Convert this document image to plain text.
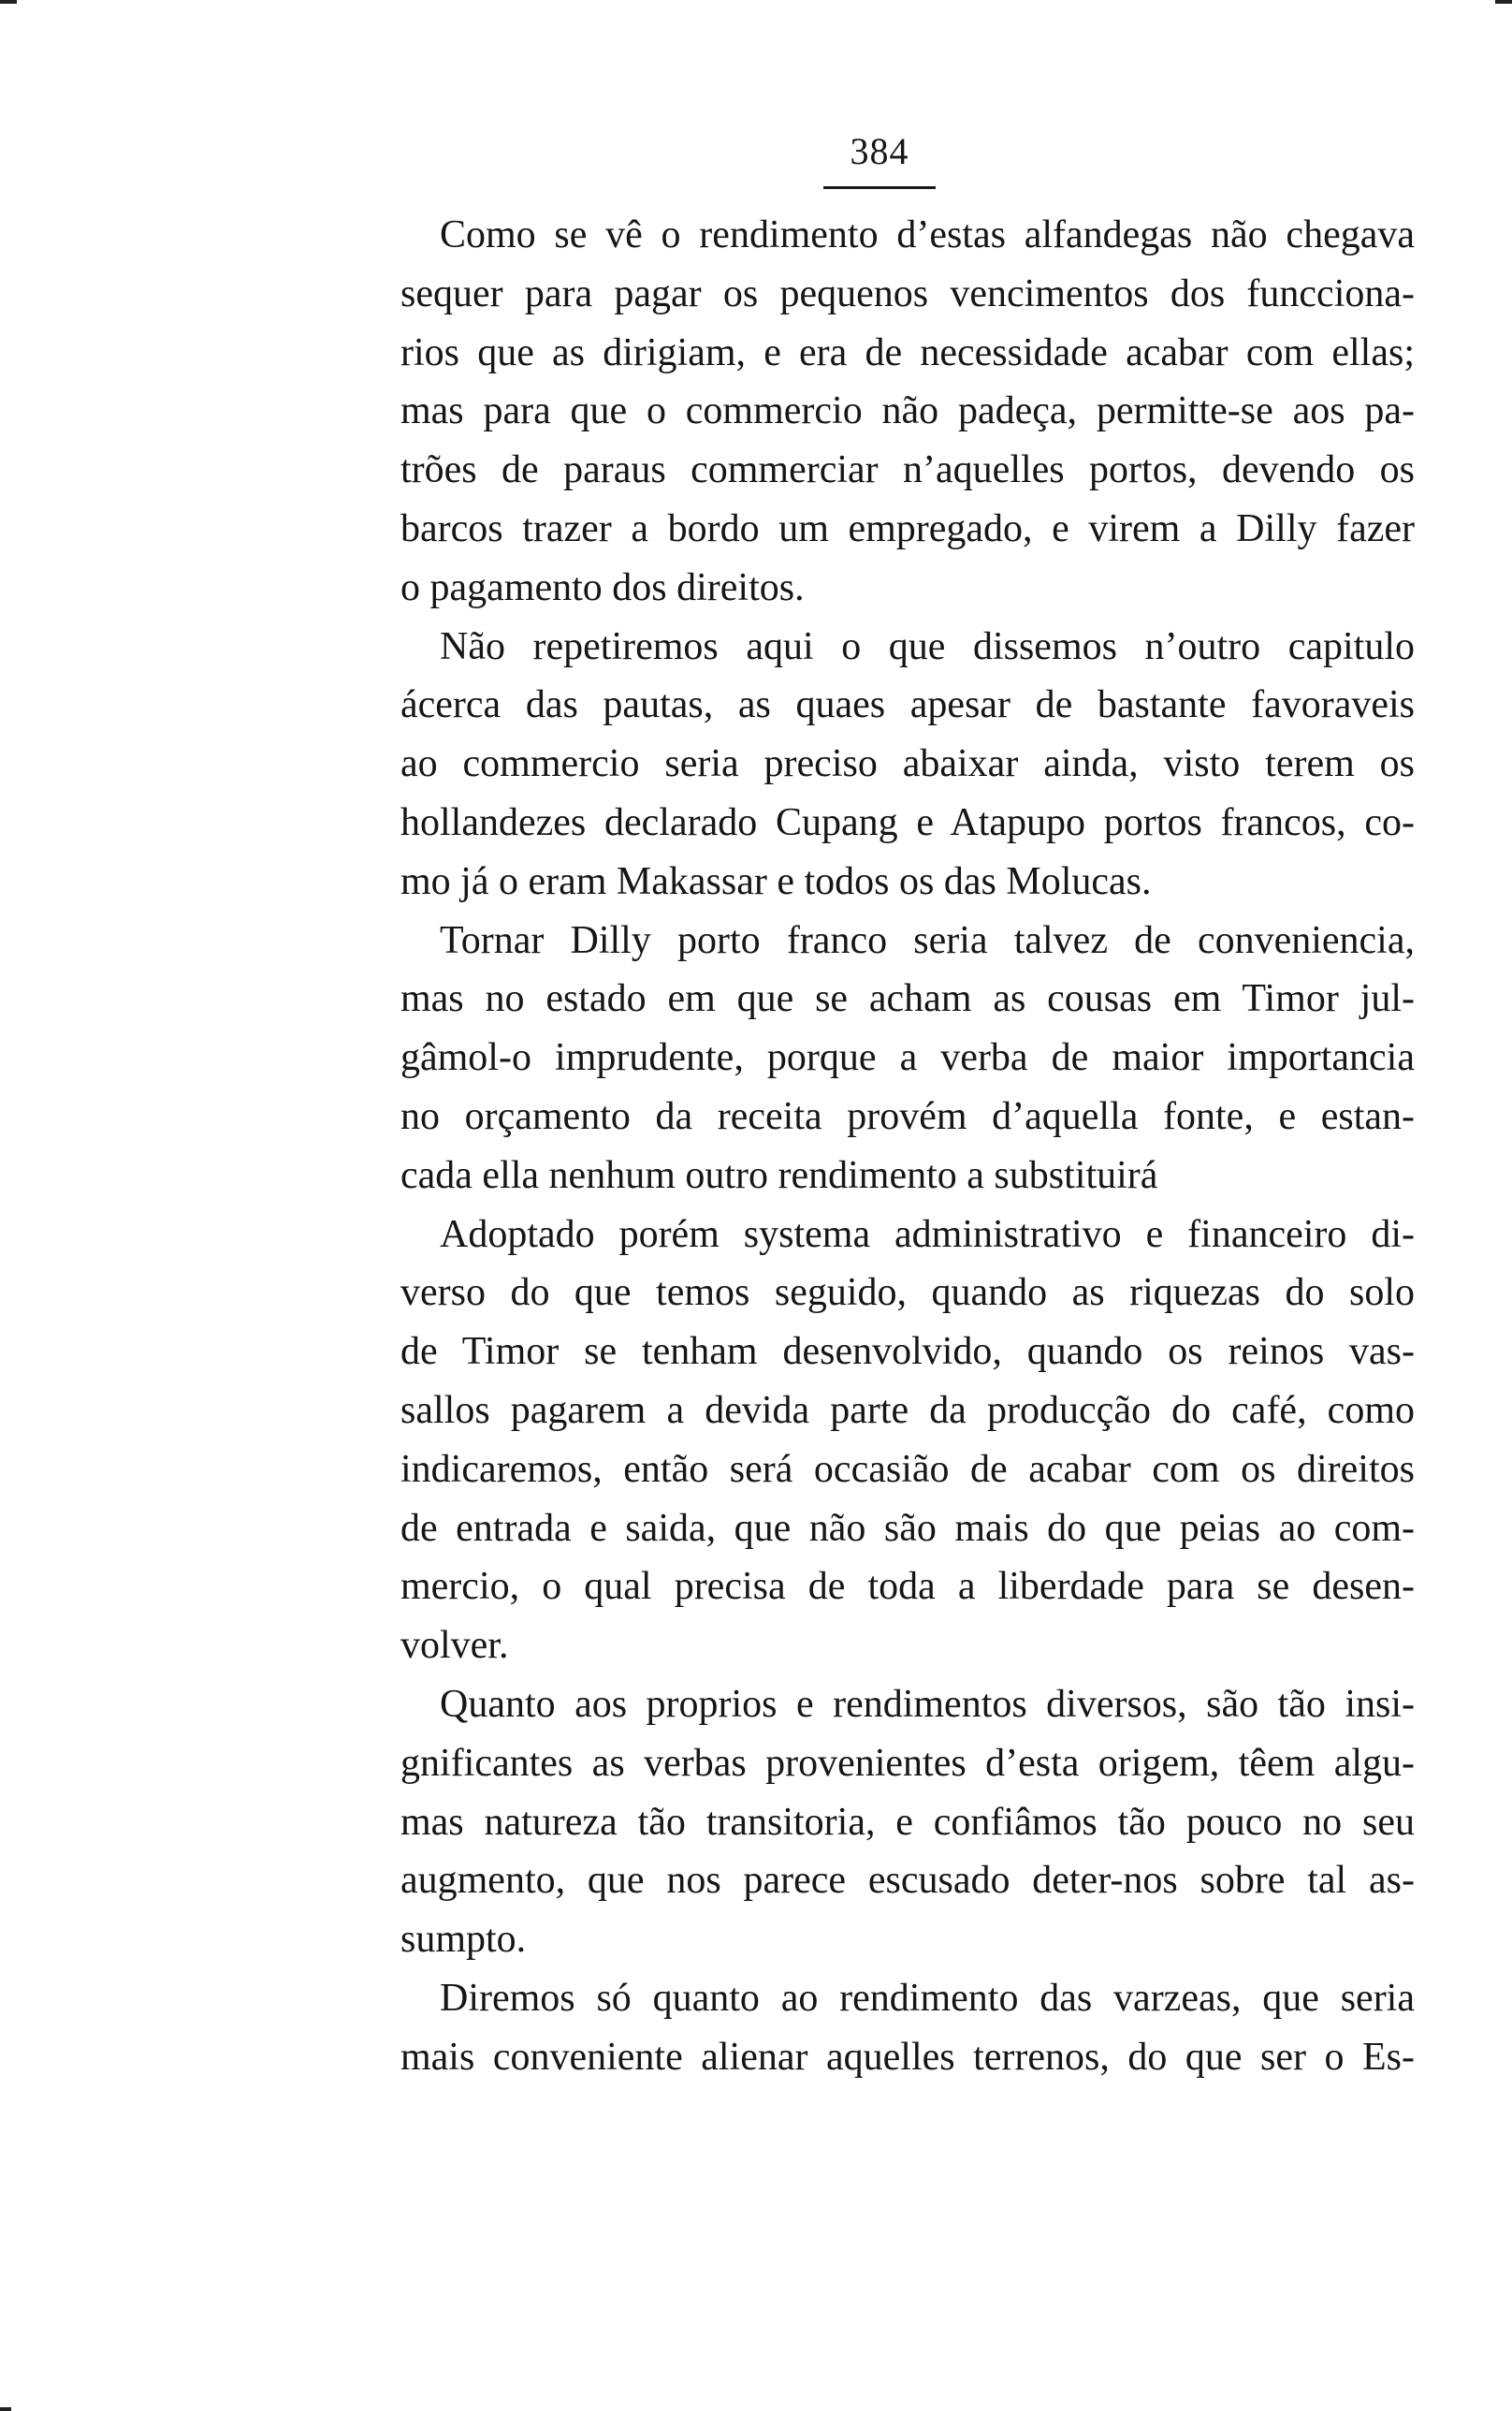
384
Como se vê o rendimento d’estas alfandegas não chegava
sequer para pagar os pequenos vencimentos dos funcciona-
rios que as dirigiam, e era de necessidade acabar com ellas;
mas para que o commercio não padeça, permitte-se aos pa-
trões de paraus commerciar n’aquelles portos, devendo os
barcos trazer a bordo um empregado, e virem a Dilly fazer
o pagamento dos direitos.
Não repetiremos aqui o que dissemos n’outro capitulo
ácerca das pautas, as quaes apesar de bastante favoraveis
ao commercio seria preciso abaixar ainda, visto terem os
hollandezes declarado Cupang e Atapupo portos francos, co-
mo já o eram Makassar e todos os das Molucas.
Tornar Dilly porto franco seria talvez de conveniencia,
mas no estado em que se acham as cousas em Timor jul-
gâmol-o imprudente, porque a verba de maior importancia
no orçamento da receita provém d’aquella fonte, e estan-
cada ella nenhum outro rendimento a substituirá
Adoptado porém systema administrativo e financeiro di-
verso do que temos seguido, quando as riquezas do solo
de Timor se tenham desenvolvido, quando os reinos vas-
sallos pagarem a devida parte da producção do café, como
indicaremos, então será occasião de acabar com os direitos
de entrada e saida, que não são mais do que peias ao com-
mercio, o qual precisa de toda a liberdade para se desen-
volver.
Quanto aos proprios e rendimentos diversos, são tão insi-
gnificantes as verbas provenientes d’esta origem, têem algu-
mas natureza tão transitoria, e confiâmos tão pouco no seu
augmento, que nos parece escusado deter-nos sobre tal as-
sumpto.
Diremos só quanto ao rendimento das varzeas, que seria
mais conveniente alienar aquelles terrenos, do que ser o Es-
